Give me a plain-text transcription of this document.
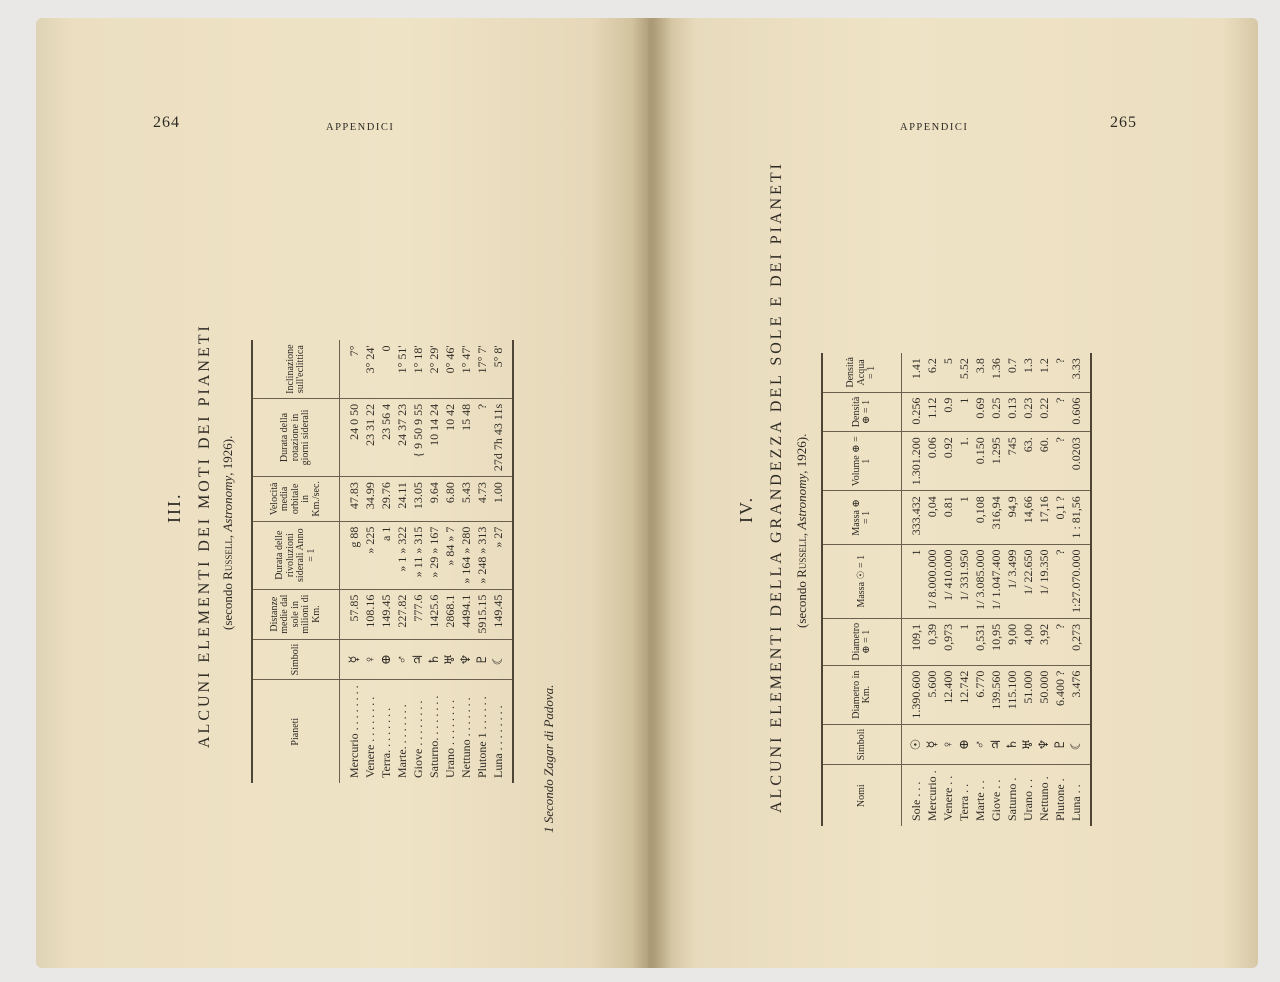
264	APPENDICI
III. ALCUNI ELEMENTI DEI MOTI DEI PIANETI (secondo Russell, Astronomy, 1926).
Pianeti	Simboli	Distanze medie dal sole in milioni di Km.	Durata delle rivoluzioni siderali Anno = 1	Velocità media orbitale in Km./sec.	Durata della rotazione in giorni siderali	Inclinazione sull'eclittica

Mercurio . . . . . . . .	☿	57.85	g 88	47.83	24 0 50	7°
Venere . . . . . . . .	♀	108.16	» 225	34.99	23 31 22	3° 24'
Terra. . . . . . . .	⊕	149.45	a 1	29.76	23 56 4	0
Marte. . . . . . . .	♂	227.82	» 1 » 322	24.11	24 37 23	1° 51'
Giove . . . . . . . .	♃	777.6	» 11 » 315	13.05	{ 9 50 9 55	1° 18'
Saturno. . . . . . . .	♄	1425.6	» 29 » 167	9.64	10 14 24	2° 29'
Urano . . . . . . . .	♅	2868.1	» 84 » 7	6.80	10 42	0° 46'
Nettuno . . . . . . .	♆	4494.1	» 164 » 280	5.43	15 48	1° 47'
Plutone 1 . . . . . .	♇	5915.15	» 248 » 313	4.73	?	17° 7'
Luna . . . . . . . .	☾	149.45	» 27	1.00	27d 7h 43 11s	5° 8'

1 Secondo Zagar di Padova.
APPENDICI	265
IV. ALCUNI ELEMENTI DELLA GRANDEZZA DEL SOLE E DEI PIANETI (secondo Russell, Astronomy, 1926).
Nomi	Simboli	Diametro in Km.	Diametro ⊕ = 1	Massa ☉ = 1	Massa ⊕ = 1	Volume ⊕ = 1	Densità ⊕ = 1	Densità Acqua = 1

Sole . . .	☉	1.390.600	109,1	1	333.432	1.301.200	0.256	1.41
Mercurio .	☿	5.600	0,39	1/ 8.000.000	0,04	0.06	1.12	6.2
Venere . .	♀	12.400	0,973	1/ 410.000	0.81	0.92	0.9	5
Terra . .	⊕	12.742	1	1/ 331.950	1	1.	1	5.52
Marte . .	♂	6.770	0,531	1/ 3.085.000	0,108	0.150	0.69	3.8
Giove . .	♃	139.560	10,95	1/ 1.047.400	316,94	1.295	0.25	1.36
Saturno .	♄	115.100	9,00	1/ 3.499	94,9	745	0.13	0.7
Urano . .	♅	51.000	4,00	1/ 22.650	14,66	63.	0.23	1.3
Nettuno .	♆	50.000	3,92	1/ 19.350	17,16	60.	0.22	1.2
Plutone .	♇	6.400 ?	?	?	0,1 ?	?	?	?
Luna . .	☾	3.476	0,273	1:27.070.000	1 : 81,56	0.0203	0.606	3.33
